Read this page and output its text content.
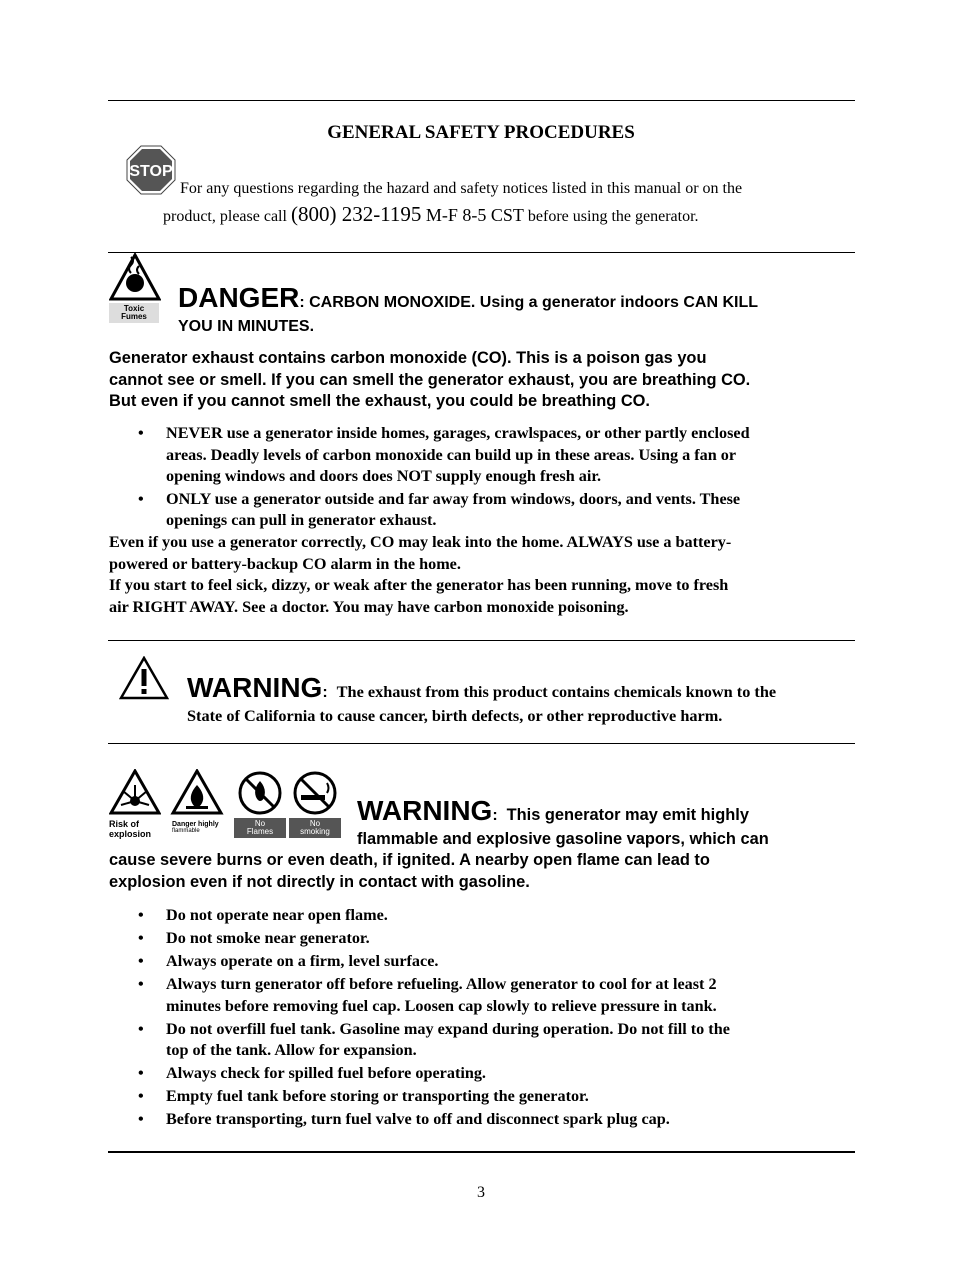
GENERAL SAFETY PROCEDURES
STOP
For any questions regarding the hazard and safety notices listed in this manual or on the
product, please call (800) 232-1195 M-F 8-5 CST before using the generator.
Toxic
Fumes
DANGER: CARBON MONOXIDE. Using a generator indoors CAN KILL
YOU IN MINUTES.
Generator exhaust contains carbon monoxide (CO). This is a poison gas you
cannot see or smell. If you can smell the generator exhaust, you are breathing CO.
But even if you cannot smell the exhaust, you could be breathing CO.
• NEVER use a generator inside homes, garages, crawlspaces, or other partly enclosed
areas. Deadly levels of carbon monoxide can build up in these areas. Using a fan or
opening windows and doors does NOT supply enough fresh air.
• ONLY use a generator outside and far away from windows, doors, and vents. These
openings can pull in generator exhaust.
Even if you use a generator correctly, CO may leak into the home. ALWAYS use a battery-
powered or battery-backup CO alarm in the home.
If you start to feel sick, dizzy, or weak after the generator has been running, move to fresh
air RIGHT AWAY. See a doctor. You may have carbon monoxide poisoning.
WARNING: The exhaust from this product contains chemicals known to the
State of California to cause cancer, birth defects, or other reproductive harm.
Risk of
explosion
Danger highly
flammable
No
Flames
No
smoking
WARNING: This generator may emit highly
flammable and explosive gasoline vapors, which can
cause severe burns or even death, if ignited. A nearby open flame can lead to
explosion even if not directly in contact with gasoline.
• Do not operate near open flame.
• Do not smoke near generator.
• Always operate on a firm, level surface.
• Always turn generator off before refueling. Allow generator to cool for at least 2
minutes before removing fuel cap. Loosen cap slowly to relieve pressure in tank.
• Do not overfill fuel tank. Gasoline may expand during operation. Do not fill to the
top of the tank. Allow for expansion.
• Always check for spilled fuel before operating.
• Empty fuel tank before storing or transporting the generator.
• Before transporting, turn fuel valve to off and disconnect spark plug cap.
3
